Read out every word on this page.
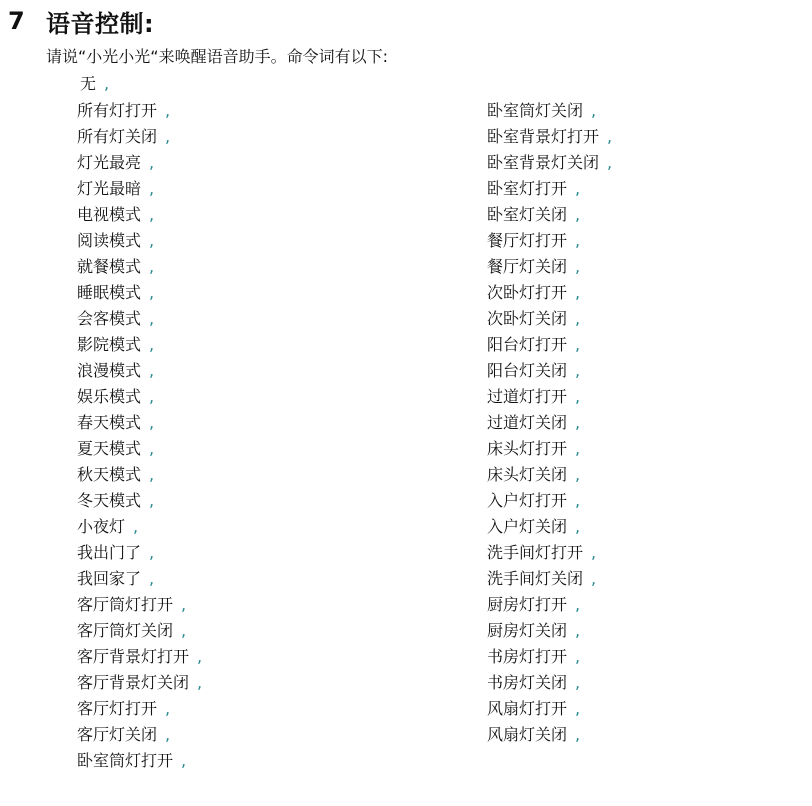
7 语音控制:
请说“小光小光“来唤醒语音助手。命令词有以下:
无 ,
所有灯打开 ,
所有灯关闭 ,
灯光最亮 ,
灯光最暗 ,
电视模式 ,
阅读模式 ,
就餐模式 ,
睡眠模式 ,
会客模式 ,
影院模式 ,
浪漫模式 ,
娱乐模式 ,
春天模式 ,
夏天模式 ,
秋天模式 ,
冬天模式 ,
小夜灯 ,
我出门了 ,
我回家了 ,
客厅筒灯打开 ,
客厅筒灯关闭 ,
客厅背景灯打开 ,
客厅背景灯关闭 ,
客厅灯打开 ,
客厅灯关闭 ,
卧室筒灯打开 ,
卧室筒灯关闭 ,
卧室背景灯打开 ,
卧室背景灯关闭 ,
卧室灯打开 ,
卧室灯关闭 ,
餐厅灯打开 ,
餐厅灯关闭 ,
次卧灯打开 ,
次卧灯关闭 ,
阳台灯打开 ,
阳台灯关闭 ,
过道灯打开 ,
过道灯关闭 ,
床头灯打开 ,
床头灯关闭 ,
入户灯打开 ,
入户灯关闭 ,
洗手间灯打开 ,
洗手间灯关闭 ,
厨房灯打开 ,
厨房灯关闭 ,
书房灯打开 ,
书房灯关闭 ,
风扇灯打开 ,
风扇灯关闭 ,
